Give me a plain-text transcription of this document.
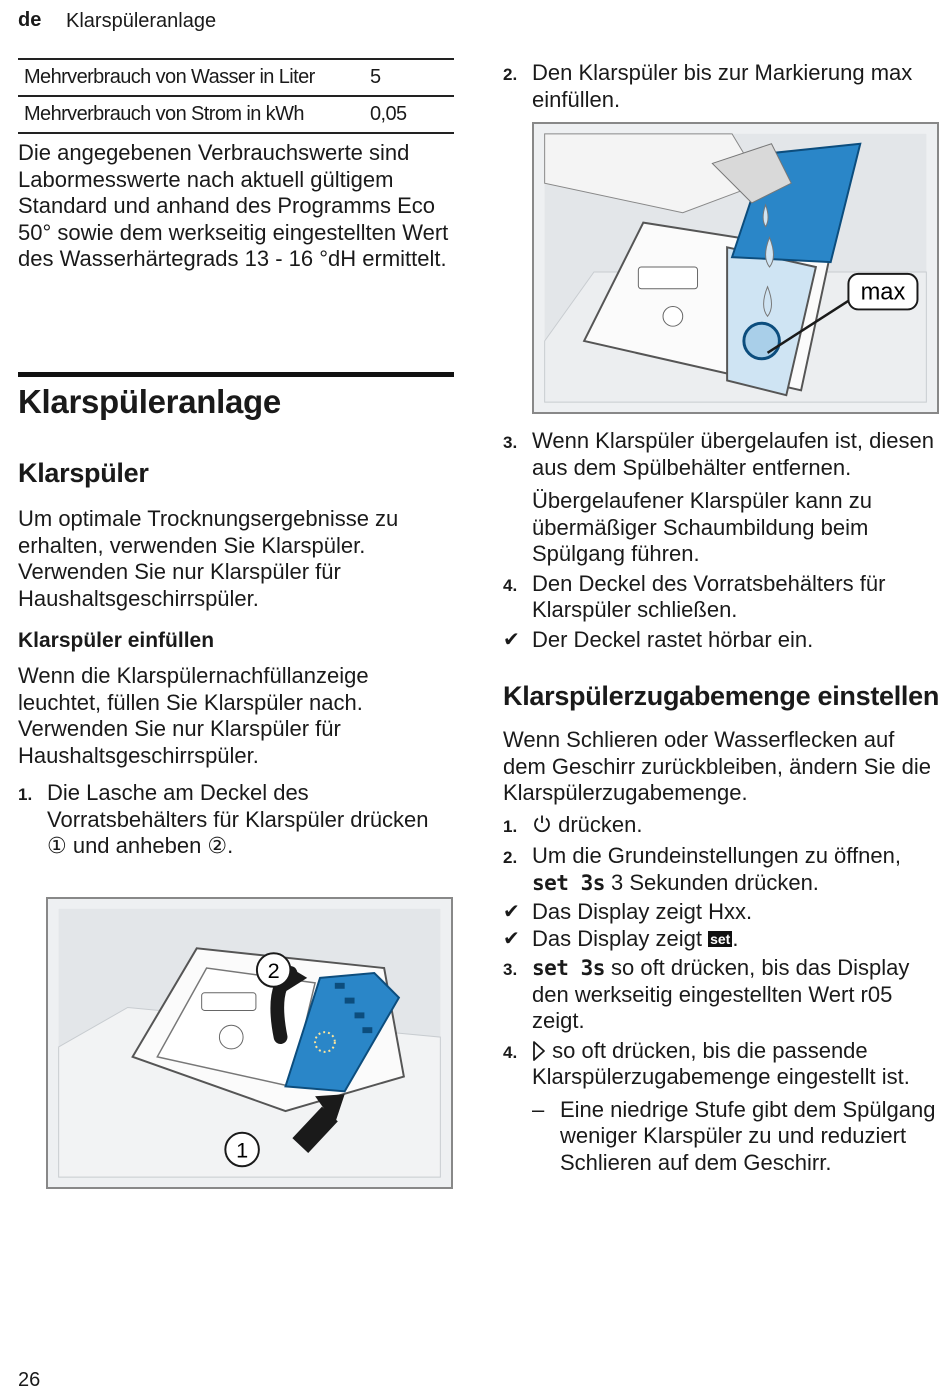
de Klarspüleranlage
Mehrverbrauch von Wasser in Liter	5
Mehrverbrauch von Strom in kWh	0,05

Die angegebenen Verbrauchswerte sind Labormesswerte nach aktuell gültigem Standard und anhand des Programms Eco 50° sowie dem werkseitig eingestellten Wert des Wasserhärtegrads 13 - 16 °dH ermittelt.

Klarspüleranlage
Klarspüler

Um optimale Trocknungsergebnisse zu erhalten, verwenden Sie Klarspüler.

Verwenden Sie nur Klarspüler für Haushaltsgeschirrspüler.

Klarspüler einfüllen

Wenn die Klarspülernachfüllanzeige leuchtet, füllen Sie Klarspüler nach.

Verwenden Sie nur Klarspüler für Haushaltsgeschirrspüler.

1. Die Lasche am Deckel des Vorratsbehälters für Klarspüler drücken ① und anheben ②.
2
1
2. Den Klarspüler bis zur Markierung max einfüllen.
max
3. Wenn Klarspüler übergelaufen ist, diesen aus dem Spülbehälter entfernen.

Übergelaufener Klarspüler kann zu übermäßiger Schaumbildung beim Spülgang führen.

4. Den Deckel des Vorratsbehälters für Klarspüler schließen.
✔ Der Deckel rastet hörbar ein.
Klarspülerzugabemenge einstellen

Wenn Schlieren oder Wasserflecken auf dem Geschirr zurückbleiben, ändern Sie die Klarspülerzugabemenge.

1.	drücken.
2. Um die Grundeinstellungen zu öffnen, set 3s 3 Sekunden drücken.
✔ Das Display zeigt Hxx.
✔ Das Display zeigt set.
3. set 3s so oft drücken, bis das Display den werkseitig eingestellten Wert r05 zeigt.
4.	so oft drücken, bis die passende Klarspülerzugabemenge eingestellt ist.
– Eine niedrige Stufe gibt dem Spülgang weniger Klarspüler zu und reduziert Schlieren auf dem Geschirr.
26
